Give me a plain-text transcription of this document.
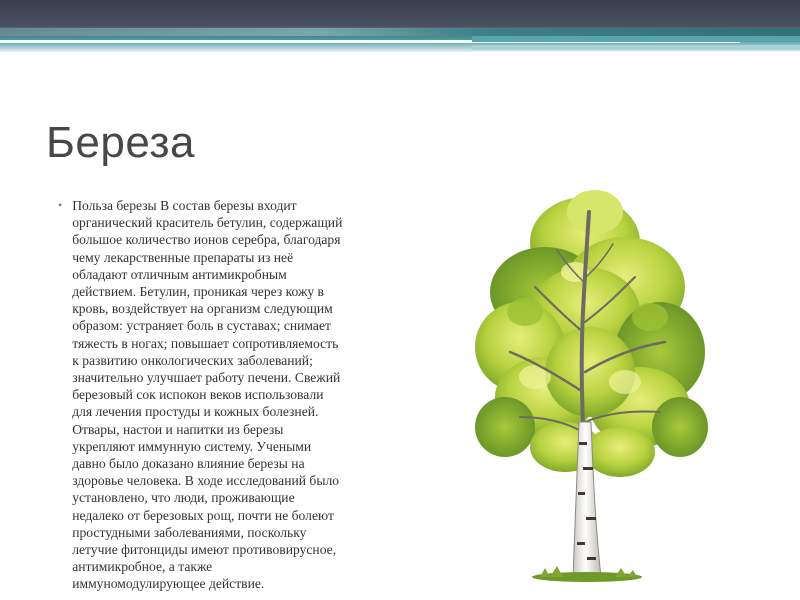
Береза
• Польза березы В состав березы входит
органический краситель бетулин, содержащий
большое количество ионов серебра, благодаря
чему лекарственные препараты из неё
обладают отличным антимикробным
действием. Бетулин, проникая через кожу в
кровь, воздействует на организм следующим
образом: устраняет боль в суставах; снимает
тяжесть в ногах; повышает сопротивляемость
к развитию онкологических заболеваний;
значительно улучшает работу печени. Свежий
березовый сок испокон веков использовали
для лечения простуды и кожных болезней.
Отвары, настои и напитки из березы
укрепляют иммунную систему. Учеными
давно было доказано влияние березы на
здоровье человека. В ходе исследований было
установлено, что люди, проживающие
недалеко от березовых рощ, почти не болеют
простудными заболеваниями, поскольку
летучие фитонциды имеют противовирусное,
антимикробное, а также
иммуномодулирующее действие.
